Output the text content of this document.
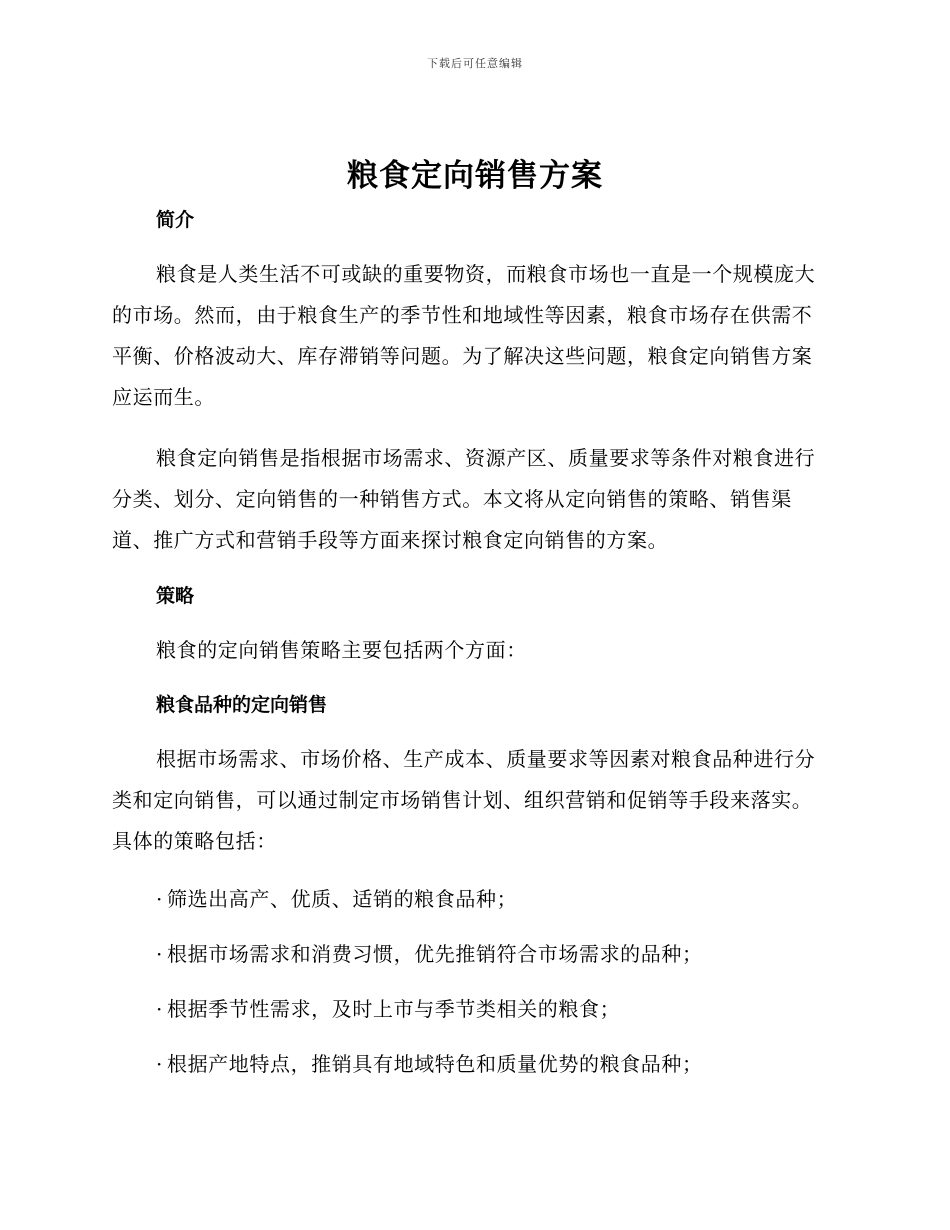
下载后可任意编辑
粮食定向销售方案
简介

粮食是人类生活不可或缺的重要物资，而粮食市场也一直是一个规模庞大的市场。然而，由于粮食生产的季节性和地域性等因素，粮食市场存在供需不平衡、价格波动大、库存滞销等问题。为了解决这些问题，粮食定向销售方案应运而生。

粮食定向销售是指根据市场需求、资源产区、质量要求等条件对粮食进行分类、划分、定向销售的一种销售方式。本文将从定向销售的策略、销售渠道、推广方式和营销手段等方面来探讨粮食定向销售的方案。

策略
粮食的定向销售策略主要包括两个方面：
粮食品种的定向销售

根据市场需求、市场价格、生产成本、质量要求等因素对粮食品种进行分类和定向销售，可以通过制定市场销售计划、组织营销和促销等手段来落实。具体的策略包括：

· 筛选出高产、优质、适销的粮食品种；
· 根据市场需求和消费习惯，优先推销符合市场需求的品种；
· 根据季节性需求，及时上市与季节类相关的粮食；
· 根据产地特点，推销具有地域特色和质量优势的粮食品种；
